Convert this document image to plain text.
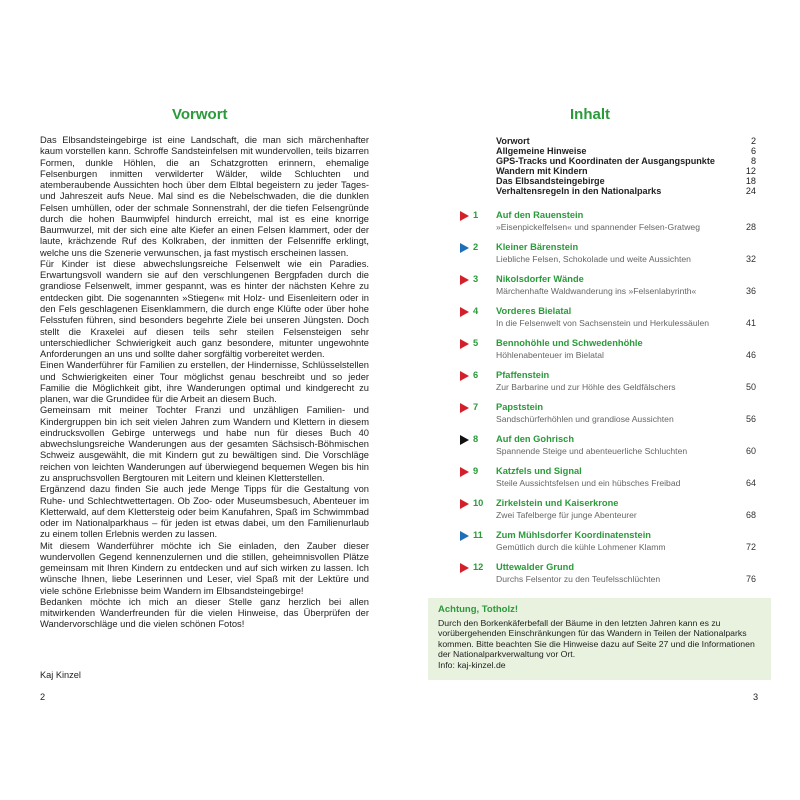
Vorwort

Das Elbsandsteingebirge ist eine Landschaft, die man sich märchenhafter kaum vorstellen kann. Schroffe Sandsteinfelsen mit wundervollen, teils bizarren Formen, dunkle Höhlen, die an Schatzgrotten erinnern, ehemalige Felsenburgen inmitten verwilderter Wälder, wilde Schluchten und atemberaubende Aussichten hoch über dem Elbtal begeistern zu jeder Tages- und Jahreszeit aufs Neue. Mal sind es die Nebelschwaden, die die dunklen Felsen umhüllen, oder der schmale Sonnenstrahl, der die tiefen Felsengründe durch die hohen Baumwipfel hindurch erreicht, mal ist es eine knorrige Baumwurzel, mit der sich eine alte Kiefer an einen Felsen klammert, oder der laute, krächzende Ruf des Kolkraben, der inmitten der Felsenriffe erklingt, welche uns die Szenerie verwunschen, ja fast mystisch erscheinen lassen.

Für Kinder ist diese abwechslungsreiche Felsenwelt wie ein Paradies. Erwartungsvoll wandern sie auf den verschlungenen Bergpfaden durch die grandiose Felsenwelt, immer gespannt, was es hinter der nächsten Kehre zu entdecken gibt. Die sogenannten »Stiegen« mit Holz- und Eisenleitern oder in den Fels geschlagenen Eisenklammern, die durch enge Klüfte oder über hohe Felsstufen führen, sind besonders begehrte Ziele bei unseren Jüngsten. Doch stellt die Kraxelei auf diesen teils sehr steilen Felsensteigen sehr unterschiedlicher Schwierigkeit auch ganz besondere, mitunter ungewohnte Anforderungen an uns und sollte daher sorgfältig vorbereitet werden.

Einen Wanderführer für Familien zu erstellen, der Hindernisse, Schlüsselstellen und Schwierigkeiten einer Tour möglichst genau beschreibt und so jeder Familie die Möglichkeit gibt, ihre Wanderungen optimal und kindgerecht zu planen, war die Grundidee für die Arbeit an diesem Buch.

Gemeinsam mit meiner Tochter Franzi und unzähligen Familien- und Kindergruppen bin ich seit vielen Jahren zum Wandern und Klettern in diesem eindrucksvollen Gebirge unterwegs und habe nun für dieses Buch 40 abwechslungsreiche Wanderungen aus der gesamten Sächsisch-Böhmischen Schweiz ausgewählt, die mit Kindern gut zu bewältigen sind. Die Vorschläge reichen von leichten Wanderungen auf überwiegend bequemen Wegen bis hin zu anspruchsvollen Bergtouren mit Leitern und kleinen Kletterstellen.

Ergänzend dazu finden Sie auch jede Menge Tipps für die Gestaltung von Ruhe- und Schlechtwettertagen. Ob Zoo- oder Museumsbesuch, Abenteuer im Kletterwald, auf dem Klettersteig oder beim Kanufahren, Spaß im Schwimmbad oder im Nationalparkhaus – für jeden ist etwas dabei, um den Familienurlaub zu einem tollen Erlebnis werden zu lassen.

Mit diesem Wanderführer möchte ich Sie einladen, den Zauber dieser wundervollen Gegend kennenzulernen und die stillen, geheimnisvollen Plätze gemeinsam mit Ihren Kindern zu entdecken und auf sich wirken zu lassen. Ich wünsche Ihnen, liebe Leserinnen und Leser, viel Spaß mit der Lektüre und viele schöne Erlebnisse beim Wandern im Elbsandsteingebirge!

Bedanken möchte ich mich an dieser Stelle ganz herzlich bei allen mitwirkenden Wanderfreunden für die vielen Hinweise, das Überprüfen der Wandervorschläge und die vielen schönen Fotos!

Kaj Kinzel
2
Inhalt
Vorwort	2
Allgemeine Hinweise	6
GPS-Tracks und Koordinaten der Ausgangspunkte	8
Wandern mit Kindern	12
Das Elbsandsteingebirge	18
Verhaltensregeln in den Nationalparks	24
1	Auf den Rauenstein
»Eisenpickelfelsen« und spannender Felsen-Gratweg	28
2	Kleiner Bärenstein
Liebliche Felsen, Schokolade und weite Aussichten	32
3	Nikolsdorfer Wände
Märchenhafte Waldwanderung ins »Felsenlabyrinth«	36
4	Vorderes Bielatal
In die Felsenwelt von Sachsenstein und Herkulessäulen	41
5	Bennohöhle und Schwedenhöhle
Höhlenabenteuer im Bielatal	46
6	Pfaffenstein
Zur Barbarine und zur Höhle des Geldfälschers	50
7	Papststein
Sandschürferhöhlen und grandiose Aussichten	56
8	Auf den Gohrisch
Spannende Steige und abenteuerliche Schluchten	60
9	Katzfels und Signal
Steile Aussichtsfelsen und ein hübsches Freibad	64
10	Zirkelstein und Kaiserkrone
Zwei Tafelberge für junge Abenteurer	68
11	Zum Mühlsdorfer Koordinatenstein
Gemütlich durch die kühle Lohmener Klamm	72
12	Uttewalder Grund
Durchs Felsentor zu den Teufelsschlüchten	76
Achtung, Totholz!

Durch den Borkenkäferbefall der Bäume in den letzten Jahren kann es zu vorübergehenden Einschränkungen für das Wandern in Teilen der Nationalparks kommen. Bitte beachten Sie die Hinweise dazu auf Seite 27 und die Informationen der Nationalparkverwaltung vor Ort.

Info: kaj-kinzel.de

3
